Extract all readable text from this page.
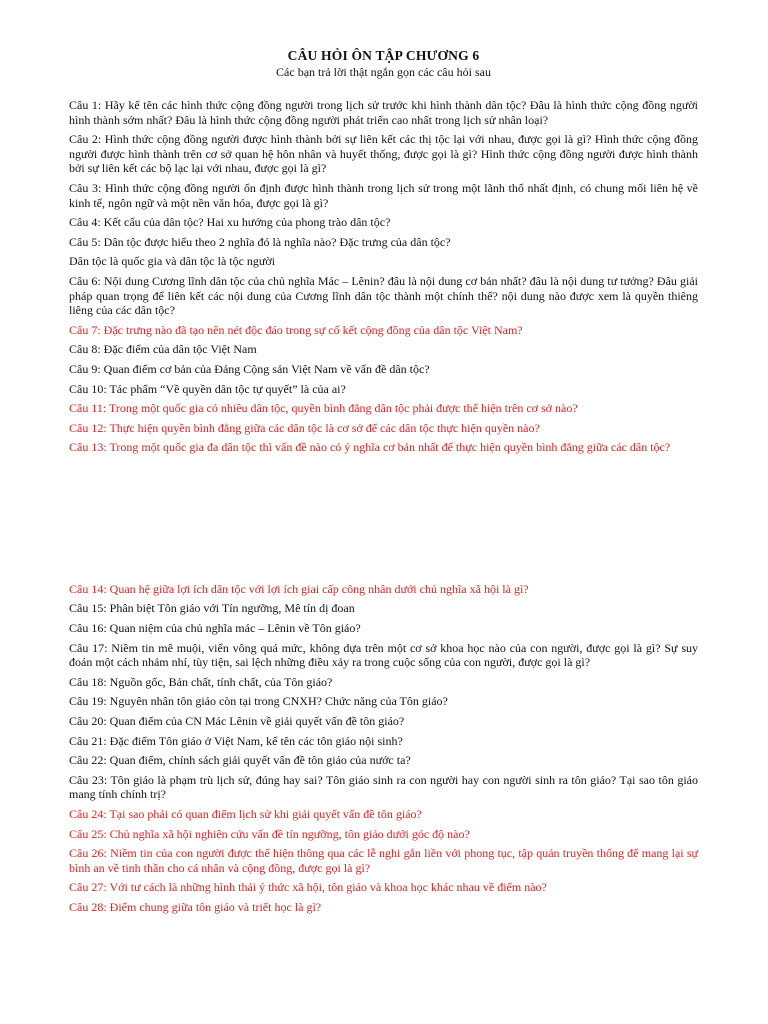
CÂU HỎI ÔN TẬP CHƯƠNG 6

Các bạn trả lời thật ngắn gọn các câu hỏi sau

Câu 1: Hãy kể tên các hình thức cộng đồng người trong lịch sử trước khi hình thành dân tộc? Đâu là hình thức cộng đồng người hình thành sớm nhất? Đâu là hình thức cộng đồng người phát triển cao nhất trong lịch sử nhân loại?

Câu 2: Hình thức cộng đồng người được hình thành bởi sự liên kết các thị tộc lại với nhau, được gọi là gì? Hình thức cộng đồng người được hình thành trên cơ sở quan hệ hôn nhân và huyết thống, được gọi là gì? Hình thức cộng đồng người được hình thành bởi sự liên kết các bộ lạc lại với nhau, được gọi là gì?

Câu 3: Hình thức cộng đồng người ổn định được hình thành trong lịch sử trong một lãnh thổ nhất định, có chung mối liên hệ về kinh tế, ngôn ngữ và một nền văn hóa, được gọi là gì?

Câu 4: Kết cấu của dân tộc? Hai xu hướng của phong trào dân tộc?

Câu 5: Dân tộc được hiểu theo 2 nghĩa đó là nghĩa nào? Đặc trưng của dân tộc?

Dân tộc là quốc gia và dân tộc là tộc người

Câu 6: Nội dung Cương lĩnh dân tộc của chủ nghĩa Mác – Lênin? đâu là nội dung cơ bản nhất? đâu là nội dung tư tưởng? Đâu giải pháp quan trọng để liên kết các nội dung của Cương lĩnh dân tộc thành một chính thể? nội dung nào được xem là quyền thiêng liêng của các dân tộc?

Câu 7: Đặc trưng nào đã tạo nên nét độc đáo trong sự cố kết cộng đồng của dân tộc Việt Nam?

Câu 8: Đặc điểm của dân tộc Việt Nam

Câu 9: Quan điểm cơ bản của Đảng Cộng sản Việt Nam về vấn đề dân tộc?

Câu 10: Tác phẩm “Về quyền dân tộc tự quyết” là của ai?

Câu 11: Trong một quốc gia có nhiều dân tộc, quyền bình đẳng dân tộc phải được thể hiện trên cơ sở nào?

Câu 12: Thực hiện quyền bình đẳng giữa các dân tộc là cơ sở để các dân tộc thực hiện quyền nào?

Câu 13: Trong một quốc gia đa dân tộc thì vấn đề nào có ý nghĩa cơ bản nhất để thực hiện quyền bình đẳng giữa các dân tộc?

Câu 14: Quan hệ giữa lợi ích dân tộc với lợi ích giai cấp công nhân dưới chủ nghĩa xã hội là gì?

Câu 15: Phân biệt Tôn giáo với Tín ngưỡng, Mê tín dị đoan

Câu 16: Quan niệm của chủ nghĩa mác – Lênin về Tôn giáo?

Câu 17: Niềm tin mê muội, viển vông quá mức, không dựa trên một cơ sở khoa học nào của con người, được gọi là gì? Sự suy đoán một cách nhảm nhí, tùy tiện, sai lệch những điều xảy ra trong cuộc sống của con người, được gọi là gì?

Câu 18: Nguồn gốc, Bản chất, tính chất, của Tôn giáo?

Câu 19: Nguyên nhân tôn giáo còn tại trong CNXH? Chức năng của Tôn giáo?

Câu 20: Quan điểm của CN Mác Lênin về giải quyết vấn đề tôn giáo?

Câu 21: Đặc điểm Tôn giáo ở Việt Nam, kể tên các tôn giáo nội sinh?

Câu 22: Quan điểm, chính sách giải quyết vấn đề tôn giáo của nước ta?

Câu 23: Tôn giáo là phạm trù lịch sử, đúng hay sai? Tôn giáo sinh ra con người hay con người sinh ra tôn giáo? Tại sao tôn giáo mang tính chính trị?

Câu 24: Tại sao phải có quan điểm lịch sử khi giải quyết vấn đề tôn giáo?

Câu 25: Chủ nghĩa xã hội nghiên cứu vấn đề tín ngưỡng, tôn giáo dưới góc độ nào?

Câu 26: Niềm tin của con người được thể hiện thông qua các lễ nghi gắn liền với phong tục, tập quán truyền thống để mang lại sự bình an về tinh thần cho cá nhân và cộng đồng, được gọi là gì?

Câu 27: Với tư cách là những hình thái ý thức xã hội, tôn giáo và khoa học khác nhau về điểm nào?

Câu 28: Điểm chung giữa tôn giáo và triết học là gì?
